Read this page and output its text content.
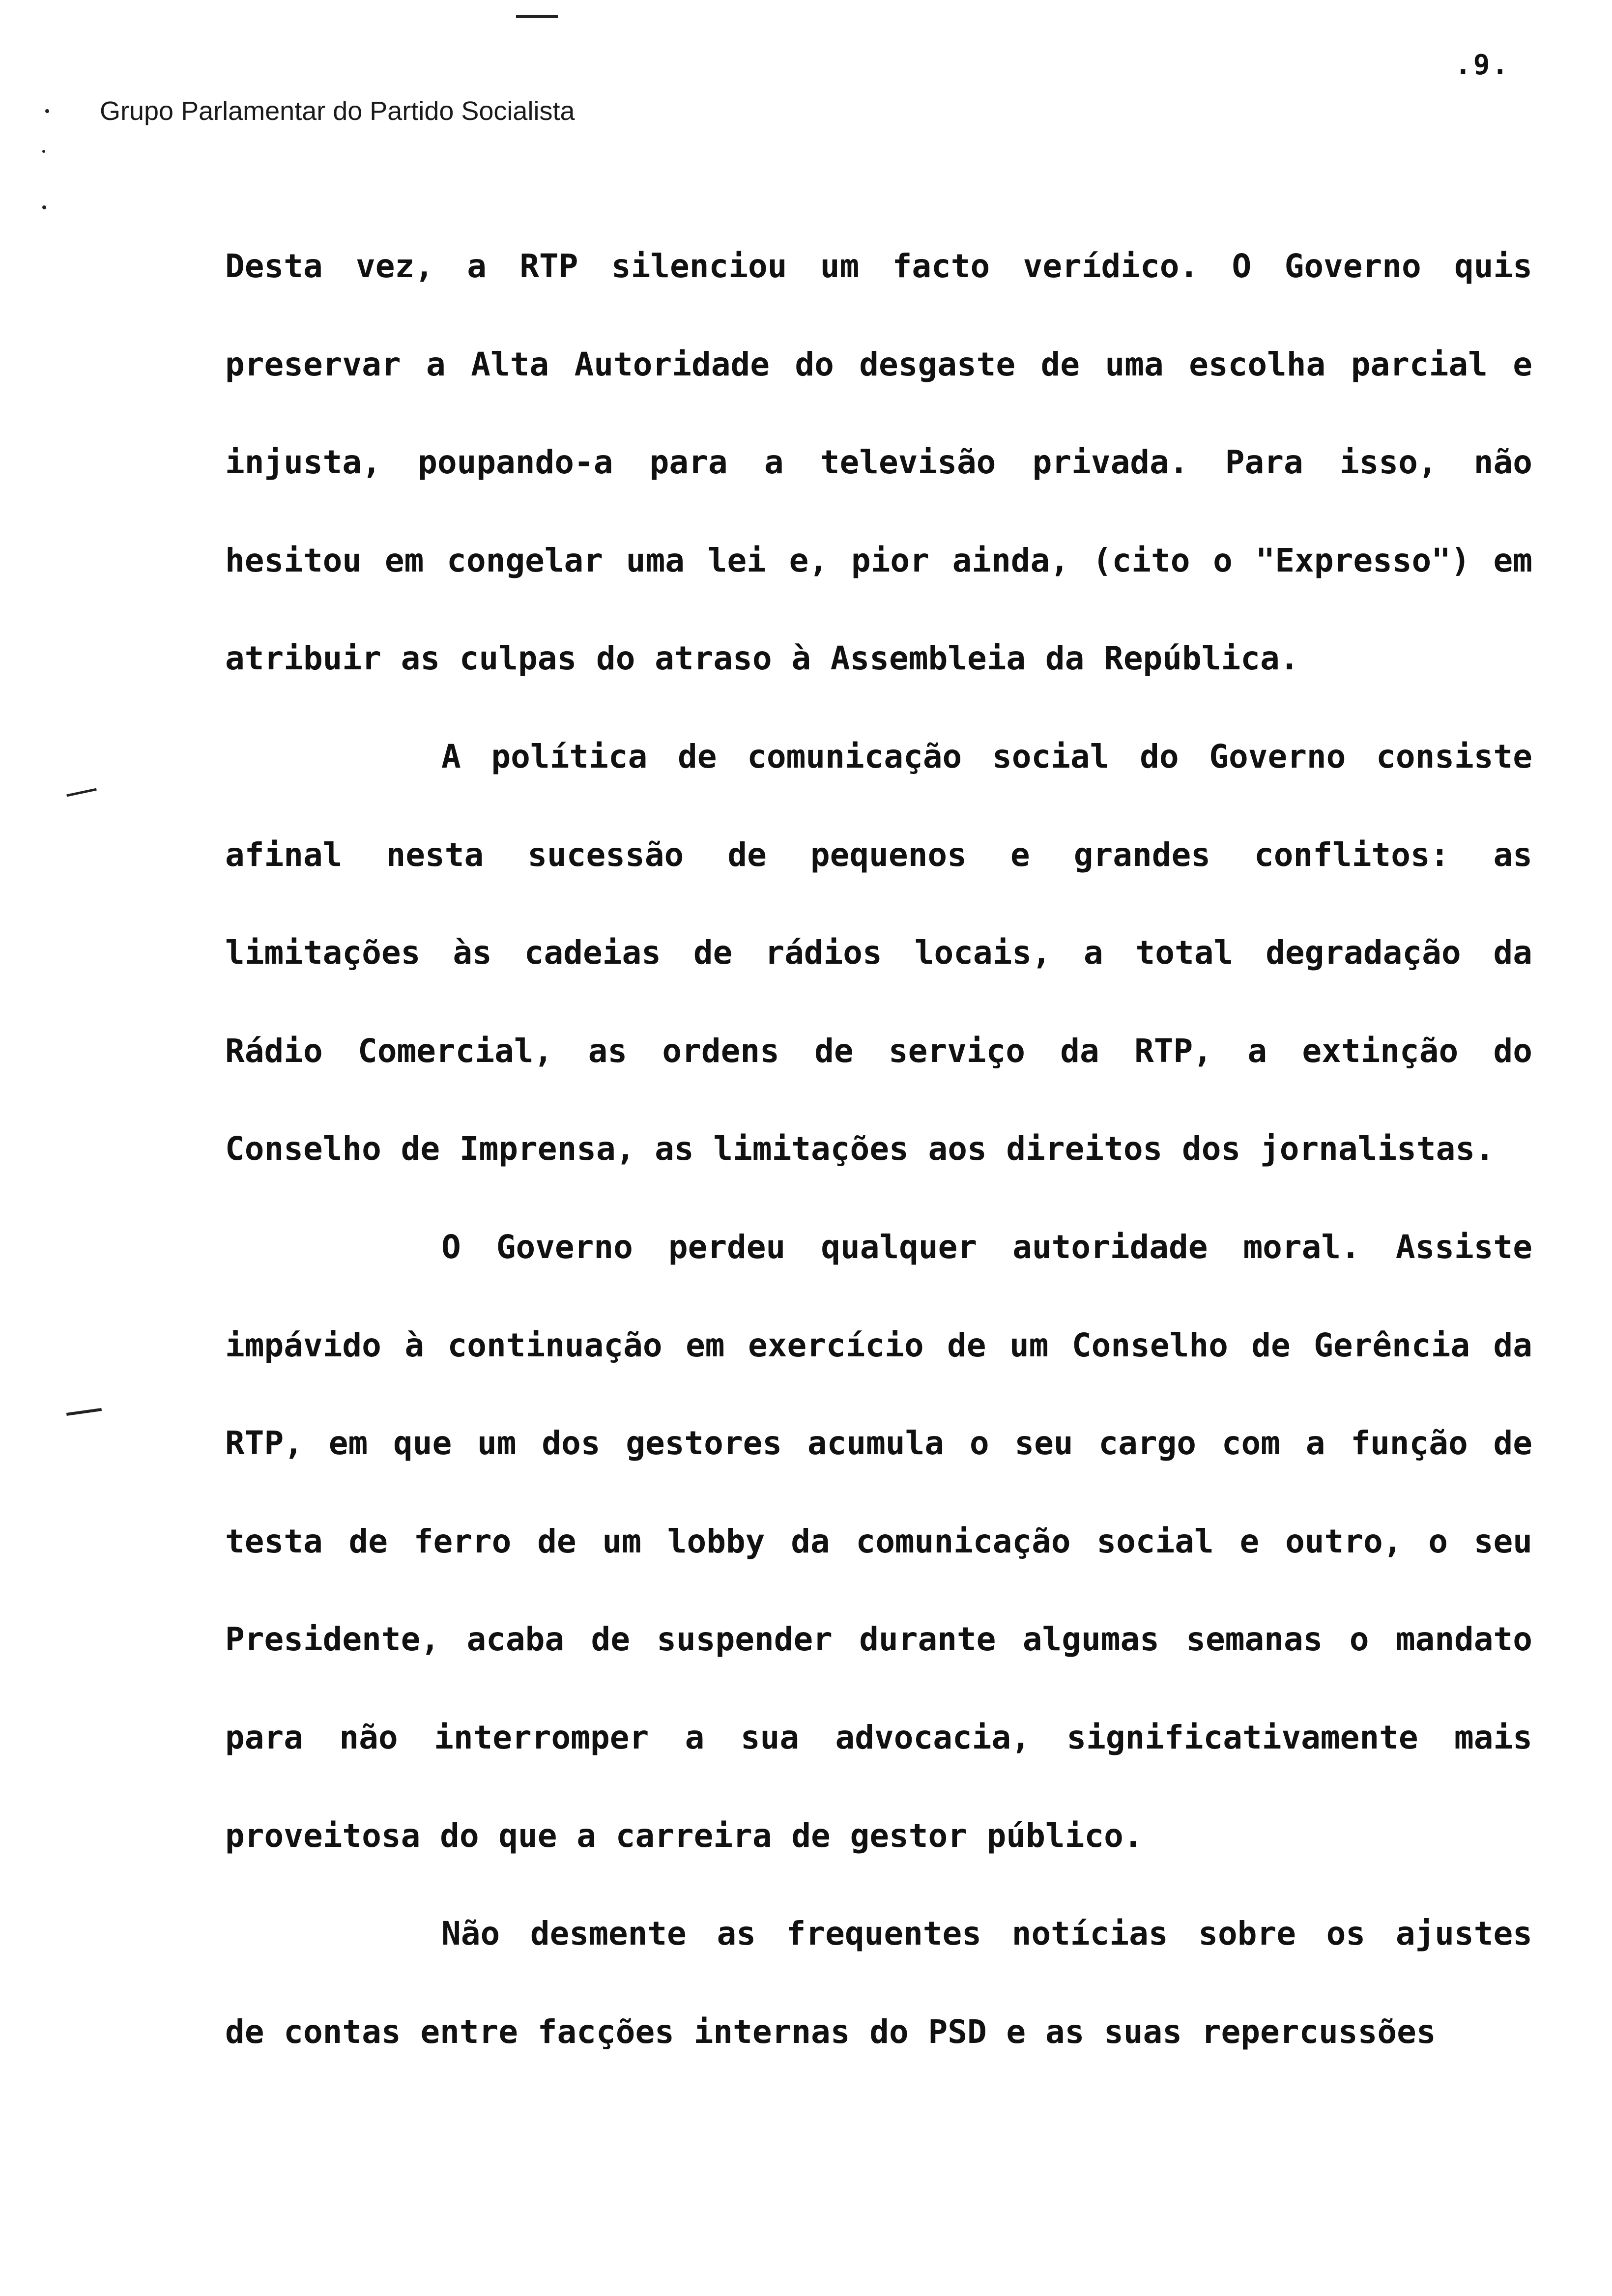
.9.
Grupo Parlamentar do Partido Socialista
Desta vez, a RTP silenciou um facto verídico. O Governo quis
preservar a Alta Autoridade do desgaste de uma escolha parcial e
injusta, poupando-a para a televisão privada. Para isso, não
hesitou em congelar uma lei e, pior ainda, (cito o "Expresso") em
atribuir as culpas do atraso à Assembleia da República.
A política de comunicação social do Governo consiste
afinal nesta sucessão de pequenos e grandes conflitos: as
limitações às cadeias de rádios locais, a total degradação da
Rádio Comercial, as ordens de serviço da RTP, a extinção do
Conselho de Imprensa, as limitações aos direitos dos jornalistas.
O Governo perdeu qualquer autoridade moral. Assiste
impávido à continuação em exercício de um Conselho de Gerência da
RTP, em que um dos gestores acumula o seu cargo com a função de
testa de ferro de um lobby da comunicação social e outro, o seu
Presidente, acaba de suspender durante algumas semanas o mandato
para não interromper a sua advocacia, significativamente mais
proveitosa do que a carreira de gestor público.
Não desmente as frequentes notícias sobre os ajustes
de contas entre facções internas do PSD e as suas repercussões
